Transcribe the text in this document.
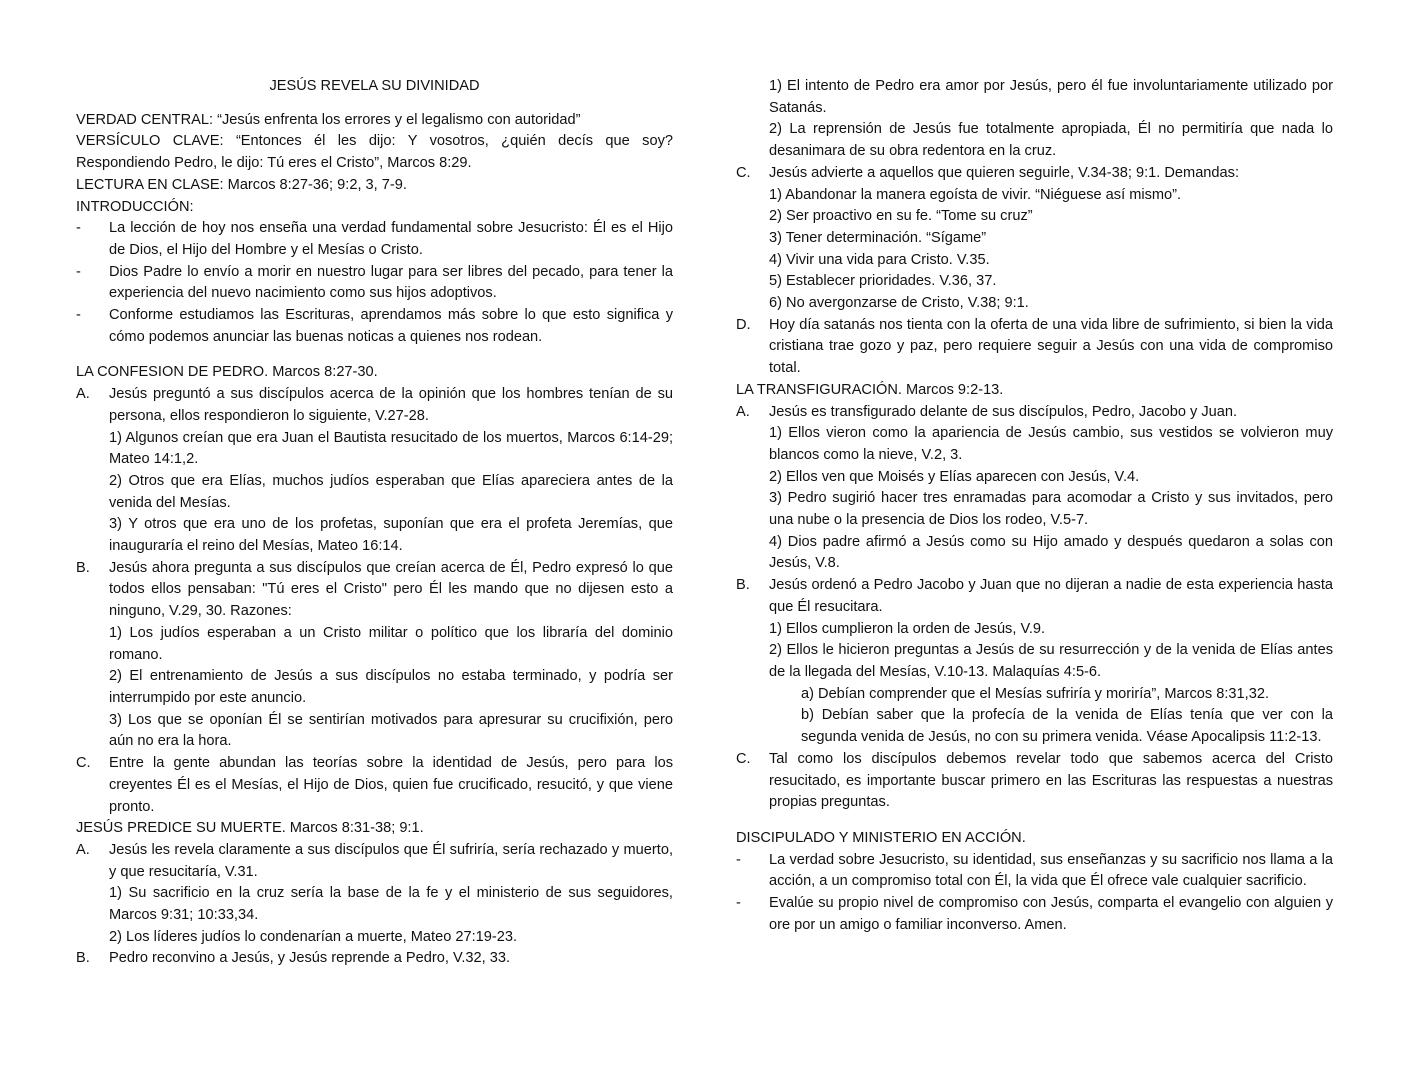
JESÚS REVELA SU DIVINIDAD

VERDAD CENTRAL: “Jesús enfrenta los errores y el legalismo con autoridad”

VERSÍCULO CLAVE: “Entonces él les dijo: Y vosotros, ¿quién decís que soy? Respondiendo Pedro, le dijo: Tú eres el Cristo”, Marcos 8:29.

LECTURA EN CLASE: Marcos 8:27-36; 9:2, 3, 7-9.

INTRODUCCIÓN:

-	La lección de hoy nos enseña una verdad fundamental sobre Jesucristo: Él es el Hijo de Dios, el Hijo del Hombre y el Mesías o Cristo.
-	Dios Padre lo envío a morir en nuestro lugar para ser libres del pecado, para tener la experiencia del nuevo nacimiento como sus hijos adoptivos.
-	Conforme estudiamos las Escrituras, aprendamos más sobre lo que esto significa y cómo podemos anunciar las buenas noticas a quienes nos rodean.

LA CONFESION DE PEDRO. Marcos 8:27-30.

A.	Jesús preguntó a sus discípulos acerca de la opinión que los hombres tenían de su persona, ellos respondieron lo siguiente, V.27-28.

1) Algunos creían que era Juan el Bautista resucitado de los muertos, Marcos 6:14-29; Mateo 14:1,2.

2) Otros que era Elías, muchos judíos esperaban que Elías apareciera antes de la venida del Mesías.

3) Y otros que era uno de los profetas, suponían que era el profeta Jeremías, que inauguraría el reino del Mesías, Mateo 16:14.

B.	Jesús ahora pregunta a sus discípulos que creían acerca de Él, Pedro expresó lo que todos ellos pensaban: "Tú eres el Cristo" pero Él les mando que no dijesen esto a ninguno, V.29, 30. Razones:

1) Los judíos esperaban a un Cristo militar o político que los libraría del dominio romano.

2) El entrenamiento de Jesús a sus discípulos no estaba terminado, y podría ser interrumpido por este anuncio.

3) Los que se oponían Él se sentirían motivados para apresurar su crucifixión, pero aún no era la hora.

C.	Entre la gente abundan las teorías sobre la identidad de Jesús, pero para los creyentes Él es el Mesías, el Hijo de Dios, quien fue crucificado, resucitó, y que viene pronto.

JESÚS PREDICE SU MUERTE. Marcos 8:31-38; 9:1.

A.	Jesús les revela claramente a sus discípulos que Él sufriría, sería rechazado y muerto, y que resucitaría, V.31.

1) Su sacrificio en la cruz sería la base de la fe y el ministerio de sus seguidores, Marcos 9:31; 10:33,34.

2) Los líderes judíos lo condenarían a muerte, Mateo 27:19-23.

B.	Pedro reconvino a Jesús, y Jesús reprende a Pedro, V.32, 33.

1) El intento de Pedro era amor por Jesús, pero él fue involuntariamente utilizado por Satanás.

2) La reprensión de Jesús fue totalmente apropiada, Él no permitiría que nada lo desanimara de su obra redentora en la cruz.

C.	Jesús advierte a aquellos que quieren seguirle, V.34-38; 9:1. Demandas:

1) Abandonar la manera egoísta de vivir. “Niéguese así mismo”.

2) Ser proactivo en su fe. “Tome su cruz”

3) Tener determinación. “Sígame”

4) Vivir una vida para Cristo. V.35.

5) Establecer prioridades. V.36, 37.

6) No avergonzarse de Cristo, V.38; 9:1.

D.	Hoy día satanás nos tienta con la oferta de una vida libre de sufrimiento, si bien la vida cristiana trae gozo y paz, pero requiere seguir a Jesús con una vida de compromiso total.

LA TRANSFIGURACIÓN. Marcos 9:2-13.

A.	Jesús es transfigurado delante de sus discípulos, Pedro, Jacobo y Juan.

1) Ellos vieron como la apariencia de Jesús cambio, sus vestidos se volvieron muy blancos como la nieve, V.2, 3.

2) Ellos ven que Moisés y Elías aparecen con Jesús, V.4.

3) Pedro sugirió hacer tres enramadas para acomodar a Cristo y sus invitados, pero una nube o la presencia de Dios los rodeo, V.5-7.

4) Dios padre afirmó a Jesús como su Hijo amado y después quedaron a solas con Jesús, V.8.

B.	Jesús ordenó a Pedro Jacobo y Juan que no dijeran a nadie de esta experiencia hasta que Él resucitara.

1) Ellos cumplieron la orden de Jesús, V.9.

2) Ellos le hicieron preguntas a Jesús de su resurrección y de la venida de Elías antes de la llegada del Mesías, V.10-13. Malaquías 4:5-6.

a) Debían comprender que el Mesías sufriría y moriría”, Marcos 8:31,32.

b) Debían saber que la profecía de la venida de Elías tenía que ver con la segunda venida de Jesús, no con su primera venida. Véase Apocalipsis 11:2-13.

C.	Tal como los discípulos debemos revelar todo que sabemos acerca del Cristo resucitado, es importante buscar primero en las Escrituras las respuestas a nuestras propias preguntas.

DISCIPULADO Y MINISTERIO EN ACCIÓN.

-	La verdad sobre Jesucristo, su identidad, sus enseñanzas y su sacrificio nos llama a la acción, a un compromiso total con Él, la vida que Él ofrece vale cualquier sacrificio.
-	Evalúe su propio nivel de compromiso con Jesús, comparta el evangelio con alguien y ore por un amigo o familiar inconverso. Amen.
